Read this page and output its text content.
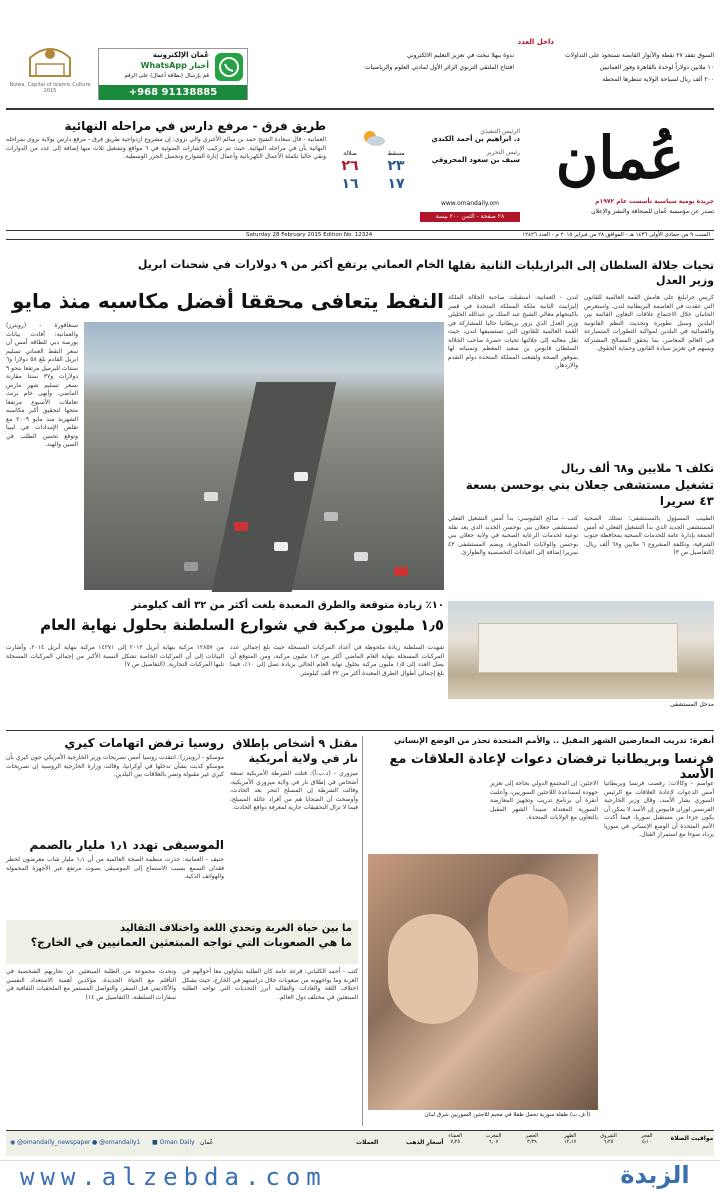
Nizwa, Capital of Islamic Culture
2015	+968 91138885
عُمان الإلكترونية
أخبار WhatsApp
قم بإرسال (بطاقة أعمال) على الرقم
داخل العدد
السوق تفقد ٢٧ نقطة والأنوار القابضة تستحوذ على التداولات
١٠ ملايين دولاراً لوحدة بالقاهرة وفوز العمانيين
ندوة ببهلا تبحث في تعزيز التعليم الالكتروني
افتتاح الملتقى التربوي الزائر الأول لمادتي العلوم والرياضيات
٢٠٠ ألف ريال لسياحة الولاية تنتظرها المحطة
عُمان
جريدة يومية سياسية تأسست عام ١٩٧٢م
تصدر عن مؤسسة عُمان للصحافة والنشر والإعلان
٢٨ صفحة - الثمن ٢٠٠ بيسة
www.omandaily.om
الرئيس التنفيذي
د. ابراهيم بن أحمد الكندي
رئيس التحرير
سيف بن سعود المحروقي
مسقط
٢٣
١٧
صلالة
٢٦
١٦
طريق فرق - مرفع دارس في مراحله النهائية
العمانية - قال سعادة الشيخ حمد بن سالم الأغبري والي نزوى: إن مشروع ازدواجية طريق فرق - مرفع دارس بولاية نزوى بمراحله النهائية بأن في مراحله النهائية. حيث تم تركيب الإشارات الضوئية في ٦ مواقع وتشغيل ثلاث منها إضافة إلى عدد من الدوارات وبقي حاليا تكملة الأعمال الكهربائية وأعمال إنارة الشوارع وتجميل الجزر الوسطية.
السبت ٩ من جمادى الأولى ١٤٣٦ هـ - الموافق ٢٨ من فبراير ٢٠١٥ م - العدد ١٢٤٢٦
Saturday 28 February 2015 Edition No. 12324
تحيات جلالة السلطان إلى البرازيليات الثانية نقلها وزير العدل
لندن - العمانية: استقبلت صاحبة الجلالة الملكة إليزابيث الثانية ملكة المملكة المتحدة في قصر باكينجهام معالي الشيخ عبد الملك بن عبدالله الخليلي وزير العدل الذي يزور بريطانيا حاليا للمشاركة في القمة العالمية للقانون التي تستضيفها لندن، حيث نقل معاليه إلى جلالتها تحيات حضرة صاحب الجلالة السلطان قابوس بن سعيد المعظم وتمنياته لها بموفور الصحة ولشعب المملكة المتحدة دوام التقدم والازدهار.
كريس جرايلنغ على هامش القمة العالمية للقانون التي عقدت في العاصمة البريطانية لندن. واستعرض الجانبان خلال الاجتماع علاقات التعاون القائمة بين البلدين وسبل تطويره وتحديث النظم القانونية والقضائية في البلدين لمواكبة التطورات المتسارعة في العالم المعاصر، بما يحقق المصالح المشتركة ويسهم في تعزيز سيادة القانون وحماية الحقوق.
تكلف ٦ ملايين و٦٨ ألف ريال
تشغيل مستشفى جعلان بني بوحسن بسعة ٤٣ سريرا
كتب - صالح الفليوسي: بدأ أمس التشغيل الفعلي لمستشفى جعلان بني بوحسن الجديد الذي يعد نقلة نوعية لخدمات الرعاية الصحية في ولاية جعلان بني بوحسن والولايات المجاورة، ويضم المستشفى ٤٣ سريرا إضافة إلى العيادات التخصصية والطوارئ.
الطبيب المسؤول بالمستشفى: تمتلك الصحية المستشفى الجديد الذي بدأ التشغيل الفعلي له أمس الجمعة بإدارة عامة للخدمات الصحية بمحافظة جنوب الشرقية، وتكلفة المشروع ٦ ملايين و٦٨ ألف ريال. (التفاصيل ص ٣)
مدخل المستشفى
الخام العماني يرتفع أكثر من ٩ دولارات في شحنات ابريل
النفط يتعافى محققا أفضل مكاسبه منذ مايو
سنغافورة - (رويترز) والعمانية: أفادت بيانات بورصة دبي للطاقة أمس أن سعر النفط العماني تسليم ابريل القادم بلغ ٥٨ دولارا و٦ سنتات للبرميل مرتفعا بنحو ٩ دولارات و٣٧ سنتا مقارنة بسعر تسليم شهر مارس الماضي. وأنهى خام برنت تعاملات الأسبوع مرتفعا متجها لتحقيق أكبر مكاسبه الشهرية منذ مايو ٢٠٠٩ مع تقلص الإمدادات في ليبيا وتوقع تحسن الطلب في الصين والهند.
١٠٪ زيادة متوقعة والطرق المعبدة بلغت أكثر من ٣٢ ألف كيلومتر
١٫٥ مليون مركبة في شوارع السلطنة بحلول نهاية العام
شهدت السلطنة زيادة ملحوظة في أعداد المركبات المسجلة حيث بلغ إجمالي عدد المركبات المسجلة بنهاية العام الماضي أكثر من ١٫٣ مليون مركبة، ومن المتوقع أن يصل العدد إلى ١٫٥ مليون مركبة بحلول نهاية العام الحالي بزيادة تصل إلى ١٠٪، فيما بلغ إجمالي أطوال الطرق المعبدة أكثر من ٣٢ ألف كيلومتر.
من ١٢٨٥٧ مركبة بنهاية أبريل ٢٠١٣ إلى ١٤٢٧١ مركبة بنهاية أبريل ٢٠١٤، وأشارت البيانات إلى أن المركبات الخاصة تشكل النسبة الأكبر من إجمالي المركبات المسجلة تليها المركبات التجارية. (التفاصيل ص ٧)
أنقرة: تدريب المعارضين الشهر المقبل .. والأمم المتحدة تحذر من الوضع الإنساني
فرنسا وبريطانيا ترفضان دعوات لإعادة العلاقات مع الأسد
عواصم - وكالات: رفضت فرنسا وبريطانيا أمس الدعوات لإعادة العلاقات مع الرئيس السوري بشار الأسد، وقال وزير الخارجية الفرنسي لوران فابيوس إن الأسد لا يمكن أن يكون جزءا من مستقبل سوريا، فيما أكدت الأمم المتحدة أن الوضع الإنساني في سوريا يزداد سوءا مع استمرار القتال.
الاجئين: إن المجتمع الدولي بحاجة إلى تعزيز جهوده لمساعدة اللاجئين السوريين، وأعلنت أنقرة أن برنامج تدريب وتجهيز المعارضة السورية المعتدلة سيبدأ الشهر المقبل بالتعاون مع الولايات المتحدة.
طفلة سورية تحمل طفلا في مخيم للاجئين السوريين شرق لبنان (أ.ف.ب)
مقتل ٩ أشخاص بإطلاق نار في ولاية أمريكية
ميزوري - (د.ب.أ): قتلت الشرطة الأمريكية تسعة أشخاص في إطلاق نار في ولاية ميزوري الأمريكية، وقالت الشرطة إن المسلح انتحر بعد الحادث، وأوضحت أن الضحايا هم من أفراد عائلة المسلح، فيما لا تزال التحقيقات جارية لمعرفة دوافع الحادث.
روسيا ترفض اتهامات كيري
موسكو - (رويترز): انتقدت روسيا أمس تصريحات وزير الخارجية الأمريكي جون كيري بأن موسكو كذبت بشأن تدخلها في أوكرانيا، وقالت وزارة الخارجية الروسية إن تصريحات كيري غير مقبولة وتضر بالعلاقات بين البلدين.
الموسيقى تهدد ١٫١ مليار بالصمم
جنيف - العمانية: حذرت منظمة الصحة العالمية من أن ١٫١ مليار شاب معرضون لخطر فقدان السمع بسبب الاستماع إلى الموسيقى بصوت مرتفع عبر الأجهزة المحمولة والهواتف الذكية.
ما بين حياة الغربة وتحدي اللغة واختلاف التقاليد
ما هي الصعوبات التي تواجه المبتعثين العمانيين في الخارج؟
كتب - أحمد الكلباني: قرعة عامة كان الطلبة يتناولون معا أحوالهم في الغربة وما يواجهونه من صعوبات خلال دراستهم في الخارج، حيث يشكل اختلاف اللغة والعادات والتقاليد أبرز التحديات التي تواجه الطلبة المبتعثين في مختلف دول العالم.
وتحدث مجموعة من الطلبة المبتعثين عن تجاربهم الشخصية في التأقلم مع الحياة الجديدة، مؤكدين أهمية الاستعداد النفسي والأكاديمي قبل السفر، والتواصل المستمر مع الملحقيات الثقافية في سفارات السلطنة. (التفاصيل ص ١٤)
◉ @omandaily_newspaper ● @omandaily1 ■ Oman Daily عُمان	العملات	أسعار الذهب
مواقيت الصلاة
الفجر
٥٫١٠
الشروق
٦٫٢٥
الظهر
١٢٫١٧
العصر
٣٫٣٩
المغرب
٦٫٠٧
العشاء
٧٫٢٥
www.alzebda.com	الزبدة
